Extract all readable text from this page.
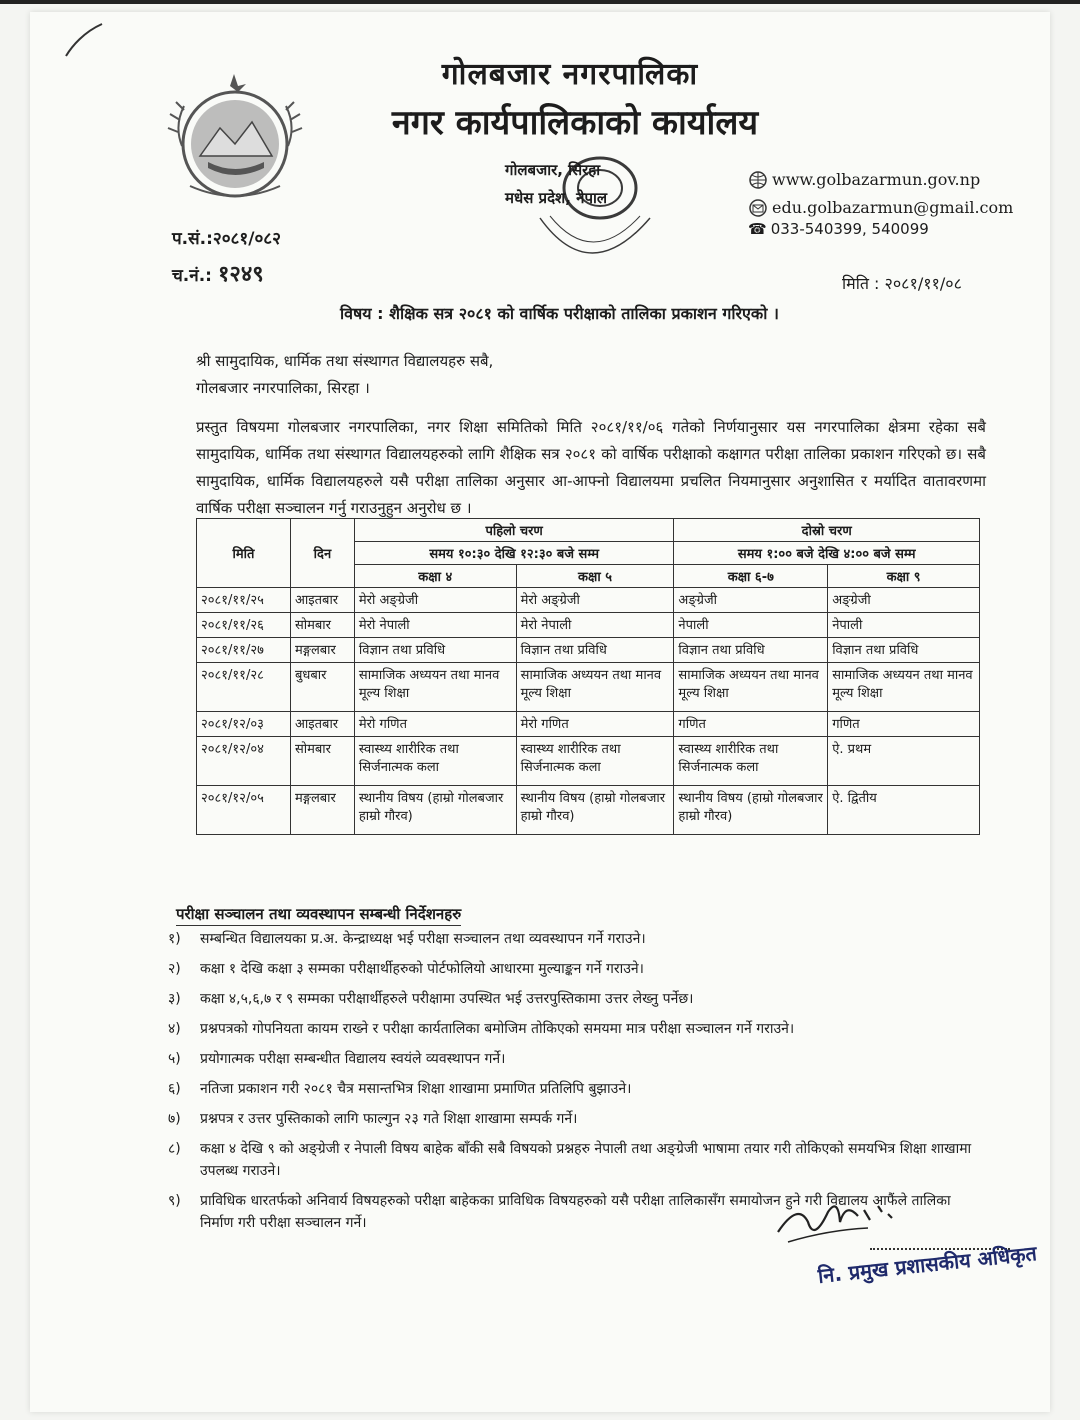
गोलबजार नगरपालिका
नगर कार्यपालिकाको कार्यालय
गोलबजार, सिरहा
मधेस प्रदेश, नेपाल
www.golbazarmun.gov.np
edu.golbazarmun@gmail.com
☎ 033-540399, 540099
प.सं.:२०८१/०८२
च.नं.: १२४९	मिति : २०८१/११/०८
विषय : शैक्षिक सत्र २०८१ को वार्षिक परीक्षाको तालिका प्रकाशन गरिएको ।
श्री सामुदायिक, धार्मिक तथा संस्थागत विद्यालयहरु सबै,
गोलबजार नगरपालिका, सिरहा ।
प्रस्तुत विषयमा गोलबजार नगरपालिका, नगर शिक्षा समितिको मिति २०८१/११/०६ गतेको निर्णयानुसार यस नगरपालिका क्षेत्रमा रहेका सबै सामुदायिक, धार्मिक तथा संस्थागत विद्यालयहरुको लागि शैक्षिक सत्र २०८१ को वार्षिक परीक्षाको कक्षागत परीक्षा तालिका प्रकाशन गरिएको छ। सबै सामुदायिक, धार्मिक विद्यालयहरुले यसै परीक्षा तालिका अनुसार आ-आफ्नो विद्यालयमा प्रचलित नियमानुसार अनुशासित र मर्यादित वातावरणमा वार्षिक परीक्षा सञ्चालन गर्नु गराउनुहुन अनुरोध छ ।
मिति	दिन	पहिलो चरण		दोस्रो चरण	
		समय १०:३० देखि १२:३० बजे सम्म		समय १:०० बजे देखि ४:०० बजे सम्म	
		कक्षा ४	कक्षा ५	कक्षा ६-७	कक्षा ९
२०८१/११/२५	आइतबार	मेरो अङ्ग्रेजी	मेरो अङ्ग्रेजी	अङ्ग्रेजी	अङ्ग्रेजी
२०८१/११/२६	सोमबार	मेरो नेपाली	मेरो नेपाली	नेपाली	नेपाली
२०८१/११/२७	मङ्गलबार	विज्ञान तथा प्रविधि	विज्ञान तथा प्रविधि	विज्ञान तथा प्रविधि	विज्ञान तथा प्रविधि
२०८१/११/२८	बुधबार	सामाजिक अध्ययन तथा मानव मूल्य शिक्षा	सामाजिक अध्ययन तथा मानव मूल्य शिक्षा	सामाजिक अध्ययन तथा मानव मूल्य शिक्षा	सामाजिक अध्ययन तथा मानव मूल्य शिक्षा
२०८१/१२/०३	आइतबार	मेरो गणित	मेरो गणित	गणित	गणित
२०८१/१२/०४	सोमबार	स्वास्थ्य शारीरिक तथा सिर्जनात्मक कला	स्वास्थ्य शारीरिक तथा सिर्जनात्मक कला	स्वास्थ्य शारीरिक तथा सिर्जनात्मक कला	ऐ. प्रथम
२०८१/१२/०५	मङ्गलबार	स्थानीय विषय (हाम्रो गोलबजार हाम्रो गौरव)	स्थानीय विषय (हाम्रो गोलबजार हाम्रो गौरव)	स्थानीय विषय (हाम्रो गोलबजार हाम्रो गौरव)	ऐ. द्वितीय
परीक्षा सञ्चालन तथा व्यवस्थापन सम्बन्धी निर्देशनहरु
१)	सम्बन्धित विद्यालयका प्र.अ. केन्द्राध्यक्ष भई परीक्षा सञ्चालन तथा व्यवस्थापन गर्ने गराउने।
२)	कक्षा १ देखि कक्षा ३ सम्मका परीक्षार्थीहरुको पोर्टफोलियो आधारमा मुल्याङ्कन गर्ने गराउने।
३)	कक्षा ४,५,६,७ र ९ सम्मका परीक्षार्थीहरुले परीक्षामा उपस्थित भई उत्तरपुस्तिकामा उत्तर लेख्नु पर्नेछ।
४)	प्रश्नपत्रको गोपनियता कायम राख्ने र परीक्षा कार्यतालिका बमोजिम तोकिएको समयमा मात्र परीक्षा सञ्चालन गर्ने गराउने।
५)	प्रयोगात्मक परीक्षा सम्बन्धीत विद्यालय स्वयंले व्यवस्थापन गर्ने।
६)	नतिजा प्रकाशन गरी २०८१ चैत्र मसान्तभित्र शिक्षा शाखामा प्रमाणित प्रतिलिपि बुझाउने।
७)	प्रश्नपत्र र उत्तर पुस्तिकाको लागि फाल्गुन २३ गते शिक्षा शाखामा सम्पर्क गर्ने।
८)	कक्षा ४ देखि ९ को अङ्ग्रेजी र नेपाली विषय बाहेक बाँकी सबै विषयको प्रश्नहरु नेपाली तथा अङ्ग्रेजी भाषामा तयार गरी तोकिएको समयभित्र शिक्षा शाखामा उपलब्ध गराउने।
९)	प्राविधिक धारतर्फको अनिवार्य विषयहरुको परीक्षा बाहेकका प्राविधिक विषयहरुको यसै परीक्षा तालिकासँग समायोजन हुने गरी विद्यालय आफैंले तालिका निर्माण गरी परीक्षा सञ्चालन गर्ने।
नि. प्रमुख प्रशासकीय अधिकृत
